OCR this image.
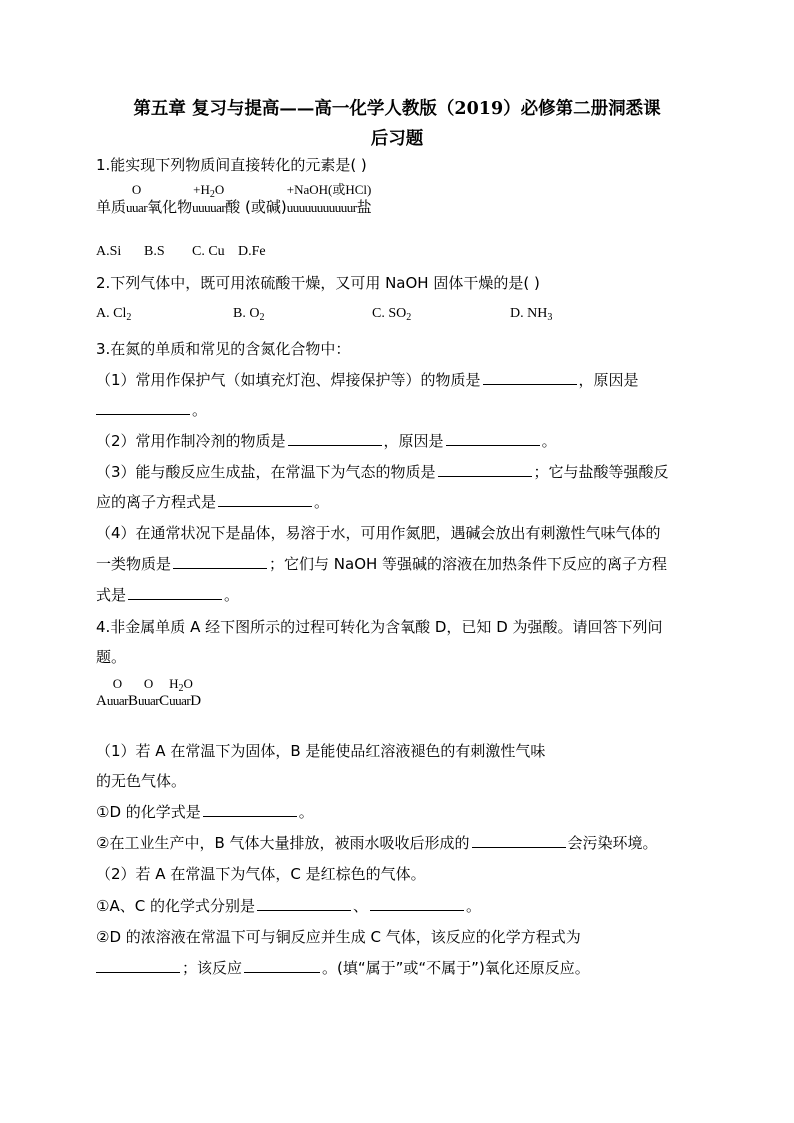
第五章 复习与提高——高一化学人教版（2019）必修第二册洞悉课
后习题
1.能实现下列物质间直接转化的元素是( )
单质
O
uuar氧化物
$+H_2O$
uuuuar酸 (或碱)
+NaOH(或HCl)
uuuuuuuuuuur盐
A.Si B.S C. Cu D.Fe
2.下列气体中，既可用浓硫酸干燥，又可用 NaOH 固体干燥的是( )
A. $Cl_2$	B. $O_2$	C. $SO_2$	D. $NH_3$
3.在氮的单质和常见的含氮化合物中：
（1）常用作保护气（如填充灯泡、焊接保护等）的物质是	，原因是
。
（2）常用作制冷剂的物质是	，原因是	。
（3）能与酸反应生成盐，在常温下为气态的物质是	；它与盐酸等强酸反
应的离子方程式是	。
（4）在通常状况下是晶体，易溶于水，可用作氮肥，遇碱会放出有刺激性气味气体的
一类物质是	；它们与 NaOH 等强碱的溶液在加热条件下反应的离子方程
式是	。
4.非金属单质 A 经下图所示的过程可转化为含氧酸 D，已知 D 为强酸。请回答下列问
题。
A
O
uuarB
O
uuarC
$H_2O$
uuarD
（1）若 A 在常温下为固体，B 是能使品红溶液褪色的有刺激性气味
的无色气体。
①D 的化学式是	。
②在工业生产中，B 气体大量排放，被雨水吸收后形成的	会污染环境。
（2）若 A 在常温下为气体，C 是红棕色的气体。
①A、C 的化学式分别是	、	。
②D 的浓溶液在常温下可与铜反应并生成 C 气体，该反应的化学方程式为
；该反应	。(填“属于”或“不属于”)氧化还原反应。
